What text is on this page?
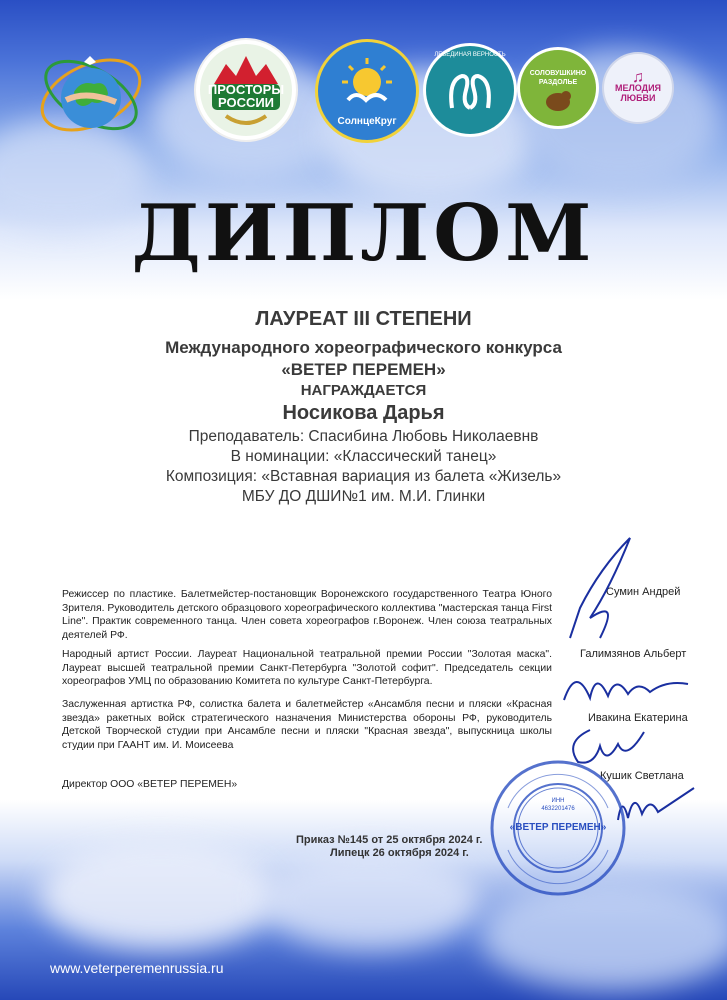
ПРОСТОРЫ
РОССИИ
СолнцеКруг
ЛЕБЕДИНАЯ ВЕРНОСТЬ
СОЛОВУШКИНО
РАЗДОЛЬЕ	♫
МЕЛОДИЯ
ЛЮБВИ
ДИПЛОМ
ЛАУРЕАТ III СТЕПЕНИ
Международного хореографического конкурса
«ВЕТЕР ПЕРЕМЕН»
НАГРАЖДАЕТСЯ
Носикова Дарья
Преподаватель: Спасибина Любовь Николаевнв
В номинации: «Классический танец»
Композиция: «Вставная вариация из балета «Жизель»
МБУ ДО ДШИ№1 им. М.И. Глинки
Режиссер по пластике. Балетмейстер-постановщик Воронежского государственного Театра Юного Зрителя. Руководитель детского образцового хореографического коллектива "мастерская танца First Line". Практик современного танца. Член совета хореографов г.Воронеж. Член союза театральных деятелей РФ.
Народный артист России. Лауреат Национальной театральной премии России "Золотая маска". Лауреат высшей театральной премии Санкт-Петербурга "Золотой софит". Председатель секции хореографов УМЦ по образованию Комитета по культуре Санкт-Петербурга.
Заслуженная артистка РФ, солистка балета и балетмейстер «Ансамбля песни и пляски «Красная звезда» ракетных войск стратегического назначения Министерства обороны РФ, руководитель Детской Творческой студии при Ансамбле песни и пляски "Красная звезда", выпускница школы студии при ГААНТ им. И. Моисеева
Директор ООО «ВЕТЕР ПЕРЕМЕН»
Сумин Андрей
Галимзянов Альберт
Ивакина Екатерина
Кушик Светлана
ИНН
4632201476
«ВЕТЕР ПЕРЕМЕН»
Приказ №145 от 25 октября 2024 г.
Липецк 26 октября 2024 г.
www.veterperemenrussia.ru
